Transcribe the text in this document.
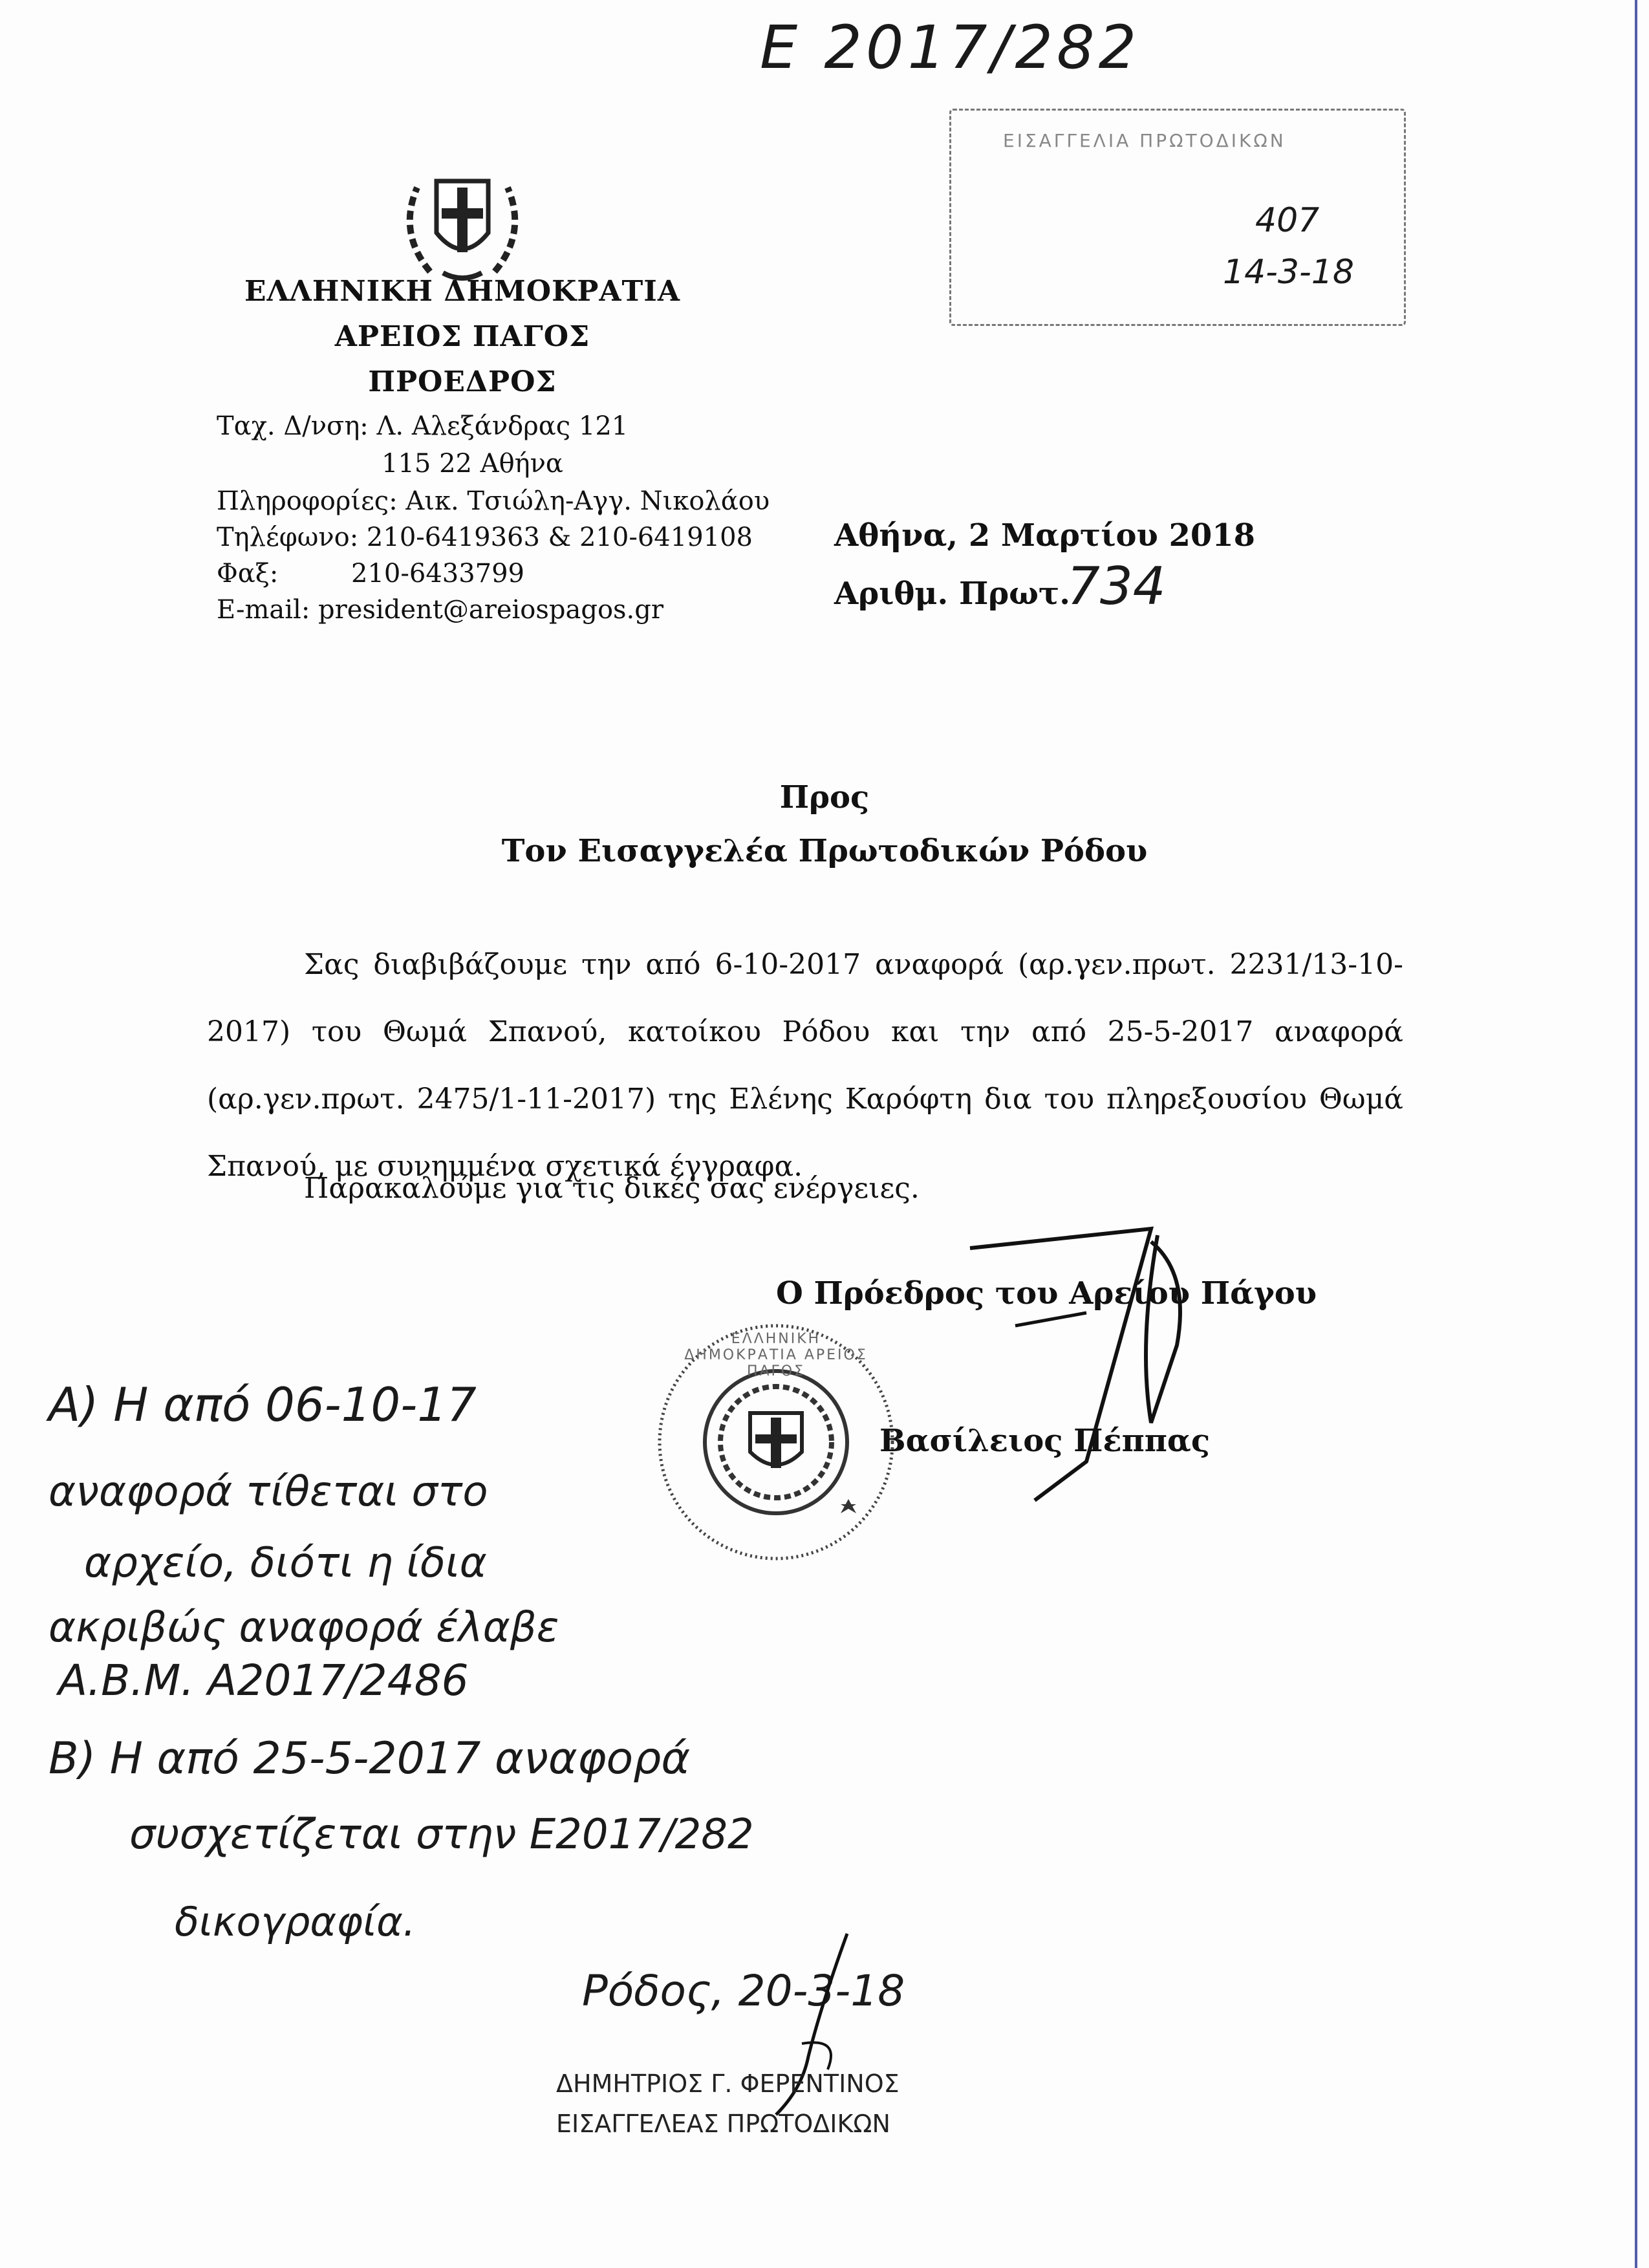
Ε 2017/282
ΕΛΛΗΝΙΚΗ ΔΗΜΟΚΡΑΤΙΑ
ΑΡΕΙΟΣ ΠΑΓΟΣ
ΠΡΟΕΔΡΟΣ
Ταχ. Δ/νση: Λ. Αλεξάνδρας 121
115 22 Αθήνα
Πληροφορίες: Αικ. Τσιώλη-Αγγ. Νικολάου
Τηλέφωνο: 210-6419363 & 210-6419108
Φαξ:	210-6433799
E-mail: president@areiospagos.gr
ΕΙΣΑΓΓΕΛΙΑ ΠΡΩΤΟΔΙΚΩΝ
407
14-3-18
Αθήνα, 2 Μαρτίου 2018
Αριθμ. Πρωτ.
734
Προς
Τον Εισαγγελέα Πρωτοδικών Ρόδου
Σας διαβιβάζουμε την από 6-10-2017 αναφορά (αρ.γεν.πρωτ. 2231/13-10-2017) του Θωμά Σπανού, κατοίκου Ρόδου και την από 25-5-2017 αναφορά (αρ.γεν.πρωτ. 2475/1-11-2017) της Ελένης Καρόφτη δια του πληρεξουσίου Θωμά Σπανού, με συνημμένα σχετικά έγγραφα.
Παρακαλούμε για τις δικές σας ενέργειες.
Ο Πρόεδρος του Αρείου Πάγου
Βασίλειος Πέππας
ΕΛΛΗΝΙΚΗ ΔΗΜΟΚΡΑΤΙΑ ΑΡΕΙΟΣ ΠΑΓΟΣ
Α) Η από 06-10-17
αναφορά τίθεται στο
αρχείο, διότι η ίδια
ακριβώς αναφορά έλαβε
Α.Β.Μ. Α2017/2486
Β) Η από 25-5-2017 αναφορά
συσχετίζεται στην Ε2017/282
δικογραφία.
Ρόδος, 20-3-18
ΔΗΜΗΤΡΙΟΣ Γ. ΦΕΡΕΝΤΙΝΟΣ
ΕΙΣΑΓΓΕΛΕΑΣ ΠΡΩΤΟΔΙΚΩΝ
